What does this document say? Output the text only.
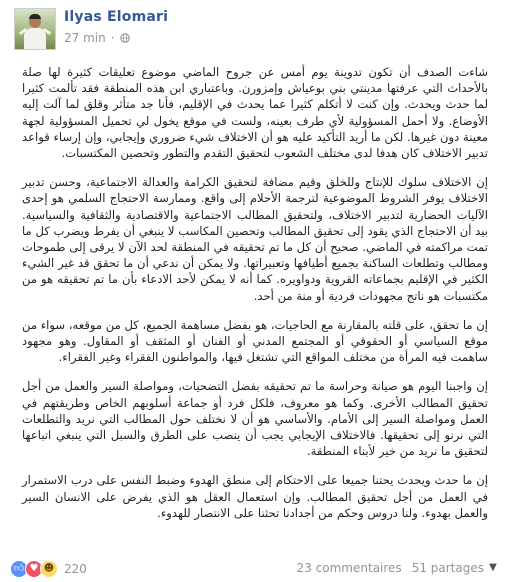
Ilyas Elomari
27 min ·

شاءت الصدف أن تكون تدوينة يوم أمس عن جروح الماضي موضوع تعليقات كثيرة لها صلة بالأحداث التي عرفتها مدينتي بني بوعياش وإمزورن. وباعتباري ابن هذه المنطقة فقد تألمت كثيرا لما حدث ويحدث. وإن كنت لا أتكلم كثيرا عما يحدث في الإقليم، فأنا جد متأثر وقلق لما آلت إليه الأوضاع. ولا أحمل المسؤولية لأي طرف بعينه، ولست في موقع يخول لي تحميل المسؤولية لجهة معينة دون غيرها. لكن ما أريد التأكيد عليه هو أن الاختلاف شيء ضروري وإيجابي، وإن إرساء قواعد تدبير الاختلاف كان هدفا لدى مختلف الشعوب لتحقيق التقدم والتطور وتحصين المكتسبات.

إن الاختلاف سلوك للإنتاج وللخلق وقيم مضافة لتحقيق الكرامة والعدالة الاجتماعية، وحسن تدبير الاختلاف يوفر الشروط الموضوعية لترجمة الأحلام إلى واقع. وممارسة الاحتجاج السلمي هو إحدى الآليات الحضارية لتدبير الاختلاف، ولتحقيق المطالب الاجتماعية والاقتصادية والثقافية والسياسية. بيد أن الاحتجاج الذي يقود إلى تحقيق المطالب وتحصين المكاسب لا ينبغي أن يفرط ويضرب كل ما تمت مراكمته في الماضي. صحيح أن كل ما تم تحقيقه في المنطقة لحد الآن لا يرقى إلى طموحات ومطالب وتطلعات الساكنة بجميع أطيافها وتعبيراتها. ولا يمكن أن ندعي أن ما تحقق قد غير الشيء الكثير في الإقليم بجماعاته القروية ودواويره. كما أنه لا يمكن لأحد الادعاء بأن ما تم تحقيقه هو من مكتسبات هو ناتج مجهودات فردية أو منة من أحد.

إن ما تحقق، على قلته بالمقارنة مع الحاجيات، هو بفضل مساهمة الجميع، كل من موقعه، سواء من موقع السياسي أو الحقوقي أو المجتمع المدني أو الفنان أو المثقف أو المقاول. وهو مجهود ساهمت فيه المرأة من مختلف المواقع التي تشتغل فيها، والمواطنون الفقراء وغير الفقراء.

إن واجبنا اليوم هو صيانة وحراسة ما تم تحقيقه بفضل التضحيات، ومواصلة السير والعمل من أجل تحقيق المطالب الأخرى. وكما هو معروف، فلكل فرد أو جماعة أسلوبهم الخاص وطريقتهم في العمل ومواصلة السير إلى الأمام. والأساسي هو أن لا نختلف حول المطالب التي نريد والتطلعات التي نرنو إلى تحقيقها. فالاختلاف الإيجابي يجب أن ينصب على الطرق والسبل التي ينبغي اتباعها لتحقيق ما نريد من خير لأبناء المنطقة.

إن ما حدث ويحدث يحتنا جميعا على الاحتكام إلى منطق الهدوء وضبط النفس على درب الاستمرار في العمل من أجل تحقيق المطالب. وإن استعمال العقل هو الذي يفرض على الانسان السير والعمل بهدوء. ولنا دروس وحكم من أجدادنا تحثنا على الانتصار للهدوء.

👍︎ ♥ ☻ 220	23 commentaires 51 partages ▼
